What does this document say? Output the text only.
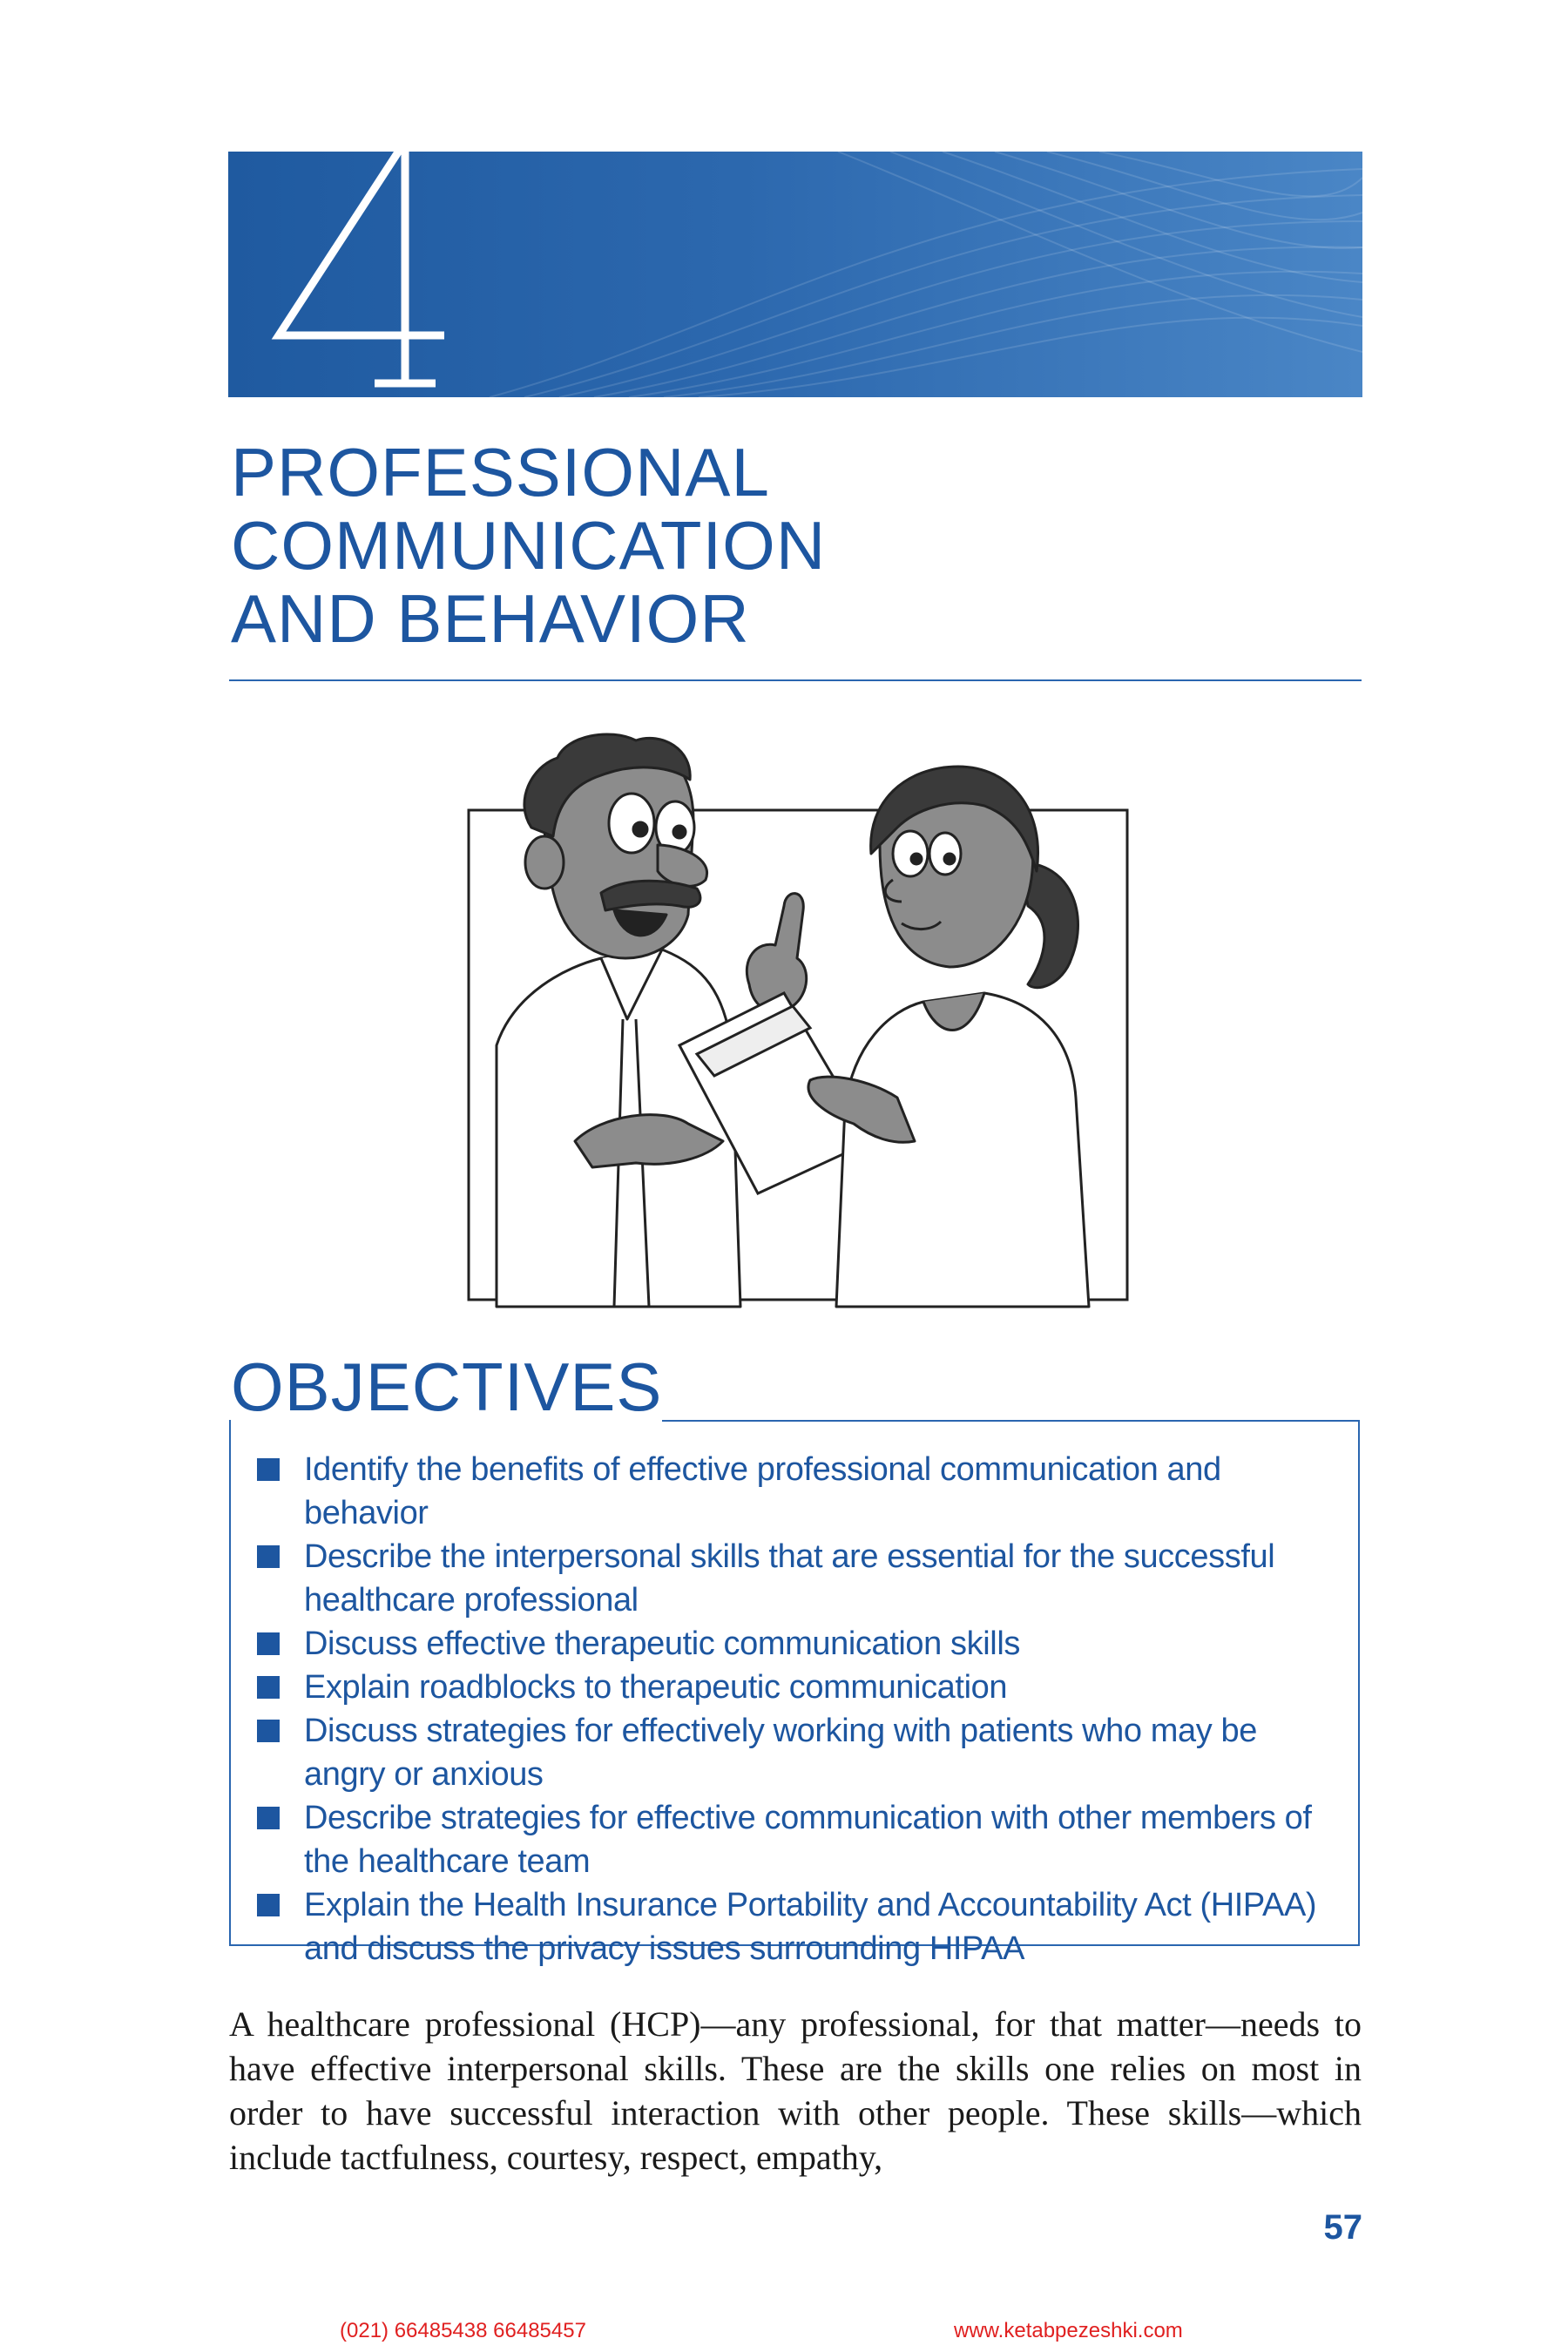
PROFESSIONAL
COMMUNICATION
AND BEHAVIOR
OBJECTIVES
Identify the benefits of effective professional communication and behavior
Describe the interpersonal skills that are essential for the successful healthcare professional
Discuss effective therapeutic communication skills
Explain roadblocks to therapeutic communication
Discuss strategies for effectively working with patients who may be angry or anxious
Describe strategies for effective communication with other members of the healthcare team
Explain the Health Insurance Portability and Accountability Act (HIPAA) and discuss the privacy issues surrounding HIPAA

A healthcare professional (HCP)—any professional, for that matter—needs to have effective interpersonal skills. These are the skills one relies on most in order to have successful interaction with other people. These skills—which include tactfulness, courtesy, respect, empathy,

57
(021) 66485438 66485457	www.ketabpezeshki.com
